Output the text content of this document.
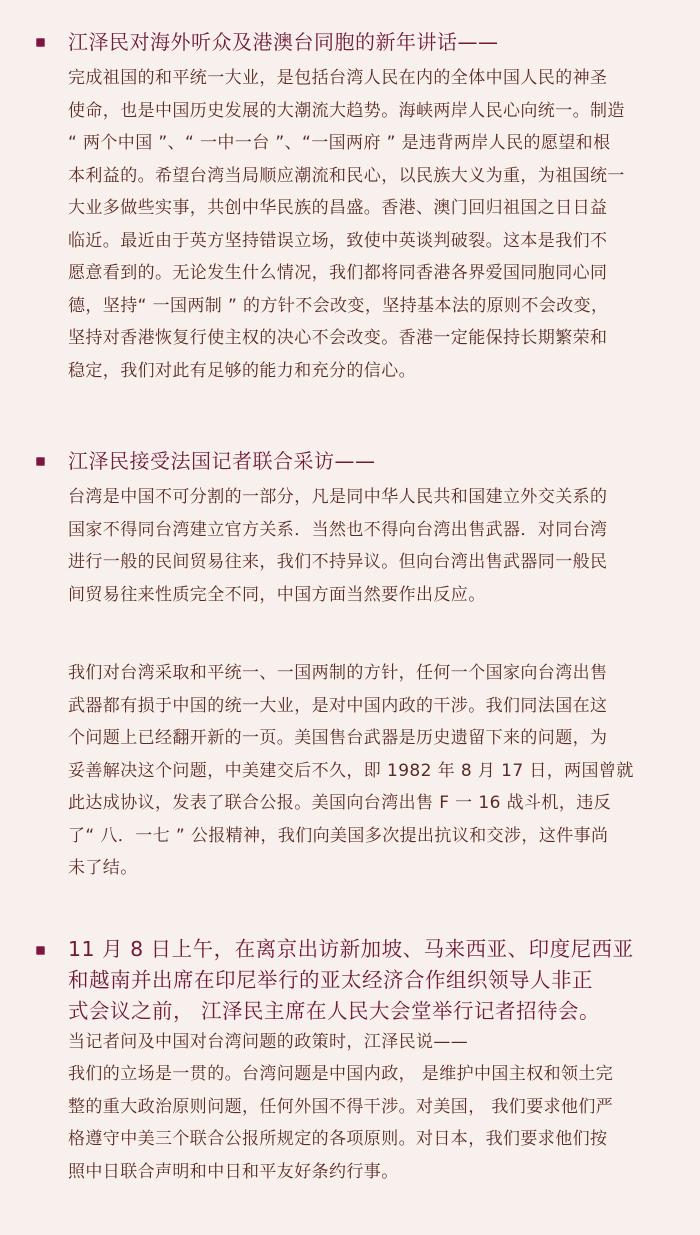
江泽民对海外听众及港澳台同胞的新年讲话——
完成祖国的和平统一大业，是包括台湾人民在内的全体中国人民的神圣
使命，也是中国历史发展的大潮流大趋势。海峡两岸人民心向统一。制造
“ 两个中国 ”、“ 一中一台 ”、“一国两府 ” 是违背两岸人民的愿望和根
本利益的。希望台湾当局顺应潮流和民心，以民族大义为重，为祖国统一
大业多做些实事，共创中华民族的昌盛。香港、澳门回归祖国之日日益
临近。最近由于英方坚持错误立场，致使中英谈判破裂。这本是我们不
愿意看到的。无论发生什么情况，我们都将同香港各界爱国同胞同心同
德，坚持“ 一国两制 ” 的方针不会改变，坚持基本法的原则不会改变，
坚持对香港恢复行使主权的决心不会改变。香港一定能保持长期繁荣和
稳定，我们对此有足够的能力和充分的信心。
江泽民接受法国记者联合采访——
台湾是中国不可分割的一部分，凡是同中华人民共和国建立外交关系的
国家不得同台湾建立官方关系．当然也不得向台湾出售武器．对同台湾
进行一般的民间贸易往来，我们不持异议。但向台湾出售武器同一般民
间贸易往来性质完全不同，中国方面当然要作出反应。
我们对台湾采取和平统一、一国两制的方针，任何一个国家向台湾出售
武器都有损于中国的统一大业，是对中国内政的干涉。我们同法国在这
个问题上已经翻开新的一页。美国售台武器是历史遗留下来的问题，为
妥善解决这个问题，中美建交后不久，即 1982 年 8 月 17 日，两国曾就
此达成协议，发表了联合公报。美国向台湾出售 F 一 16 战斗机，违反
了“ 八．一七 ” 公报精神，我们向美国多次提出抗议和交涉，这件事尚
未了结。
11 月 8 日上午，在离京出访新加坡、马来西亚、印度尼西亚
和越南并出席在印尼举行的亚太经济合作组织领导人非正
式会议之前， 江泽民主席在人民大会堂举行记者招待会。
当记者问及中国对台湾问题的政策时，江泽民说——
我们的立场是一贯的。台湾问题是中国内政， 是维护中国主权和领土完
整的重大政治原则问题，任何外国不得干涉。对美国， 我们要求他们严
格遵守中美三个联合公报所规定的各项原则。对日本，我们要求他们按
照中日联合声明和中日和平友好条约行事。
